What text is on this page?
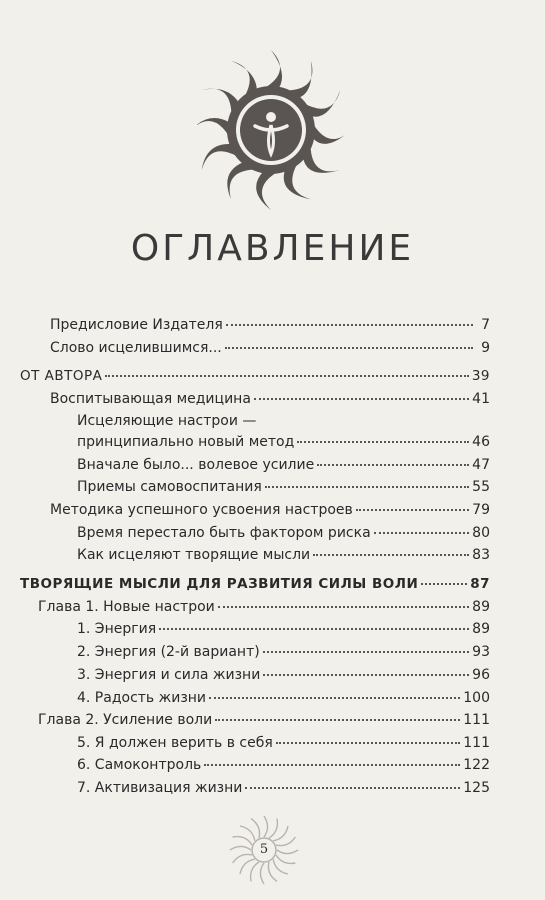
ОГЛАВЛЕНИЕ
Предисловие Издателя	7
Слово исцелившимся...	9
ОТ АВТОРА	39
Воспитывающая медицина	41
Исцеляющие настрои —
принципиально новый метод	46
Вначале было... волевое усилие	47
Приемы самовоспитания	55
Методика успешного усвоения настроев	79
Время перестало быть фактором риска	80
Как исцеляют творящие мысли	83
ТВОРЯЩИЕ МЫСЛИ ДЛЯ РАЗВИТИЯ СИЛЫ ВОЛИ	87
Глава 1. Новые настрои	89
1. Энергия	89
2. Энергия (2-й вариант)	93
3. Энергия и сила жизни	96
4. Радость жизни	100
Глава 2. Усиление воли	111
5. Я должен верить в себя	111
6. Самоконтроль	122
7. Активизация жизни	125
5
